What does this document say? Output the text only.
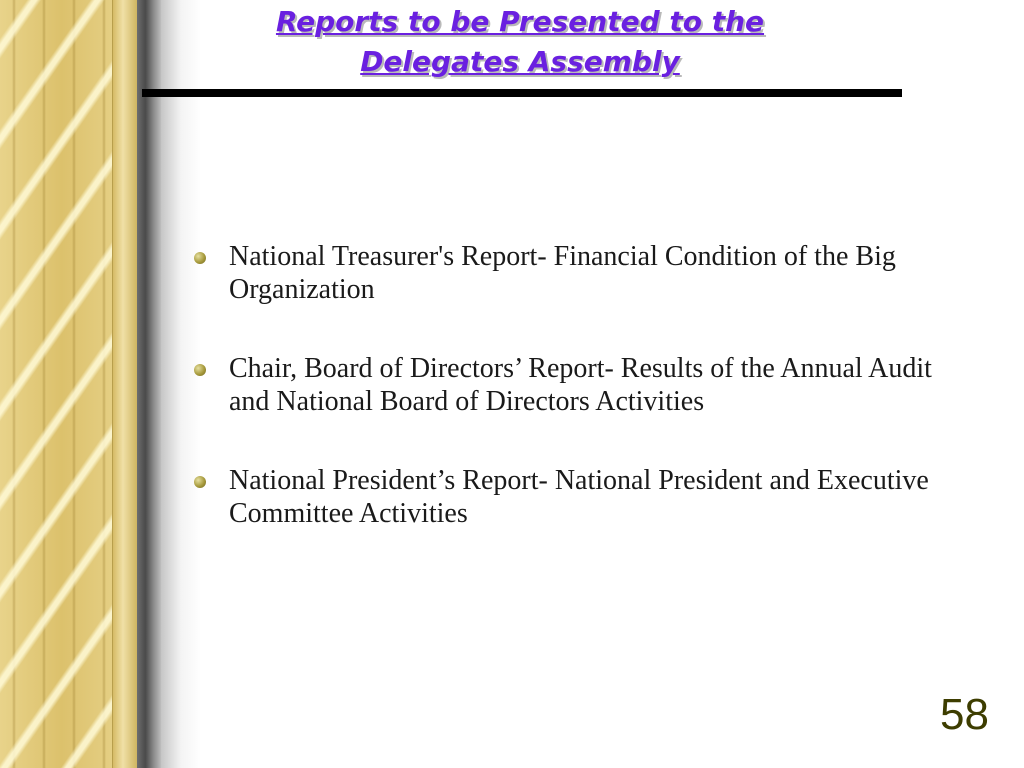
Reports to be Presented to the
Delegates Assembly
National Treasurer's Report- Financial Condition of the Big Organization
Chair, Board of Directors’ Report- Results of the Annual Audit and National Board of Directors Activities
National President’s Report- National President and Executive Committee Activities
58
